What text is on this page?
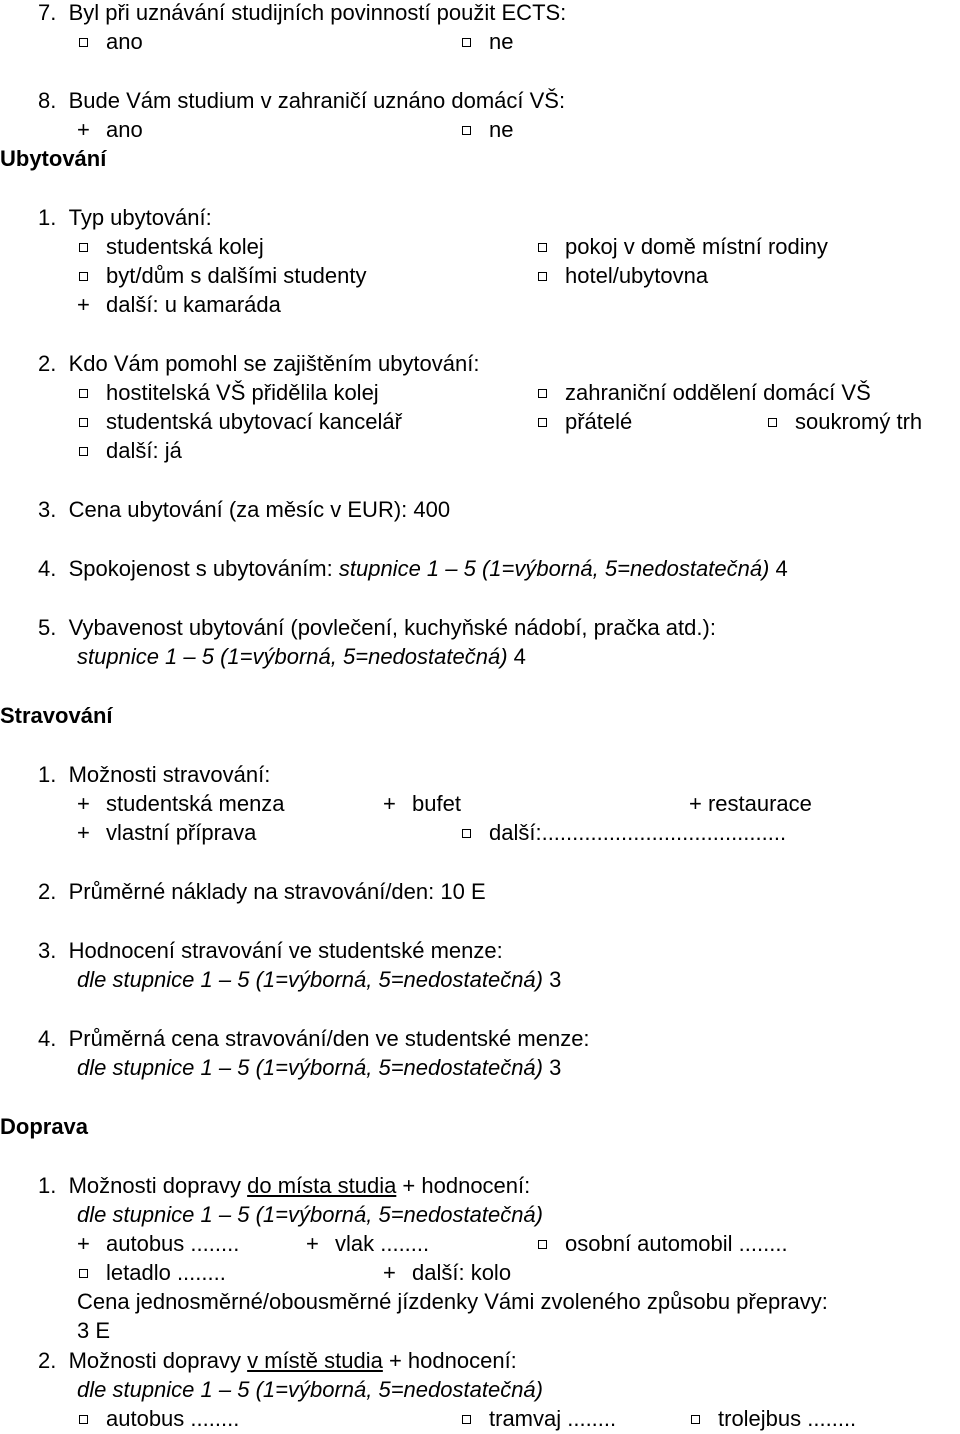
7. Byl při uznávání studijních povinností použit ECTS:
ano	ne
8. Bude Vám studium v zahraničí uznáno domácí VŠ:
+ ano	ne
Ubytování
1. Typ ubytování:
studentská kolej	pokoj v domě místní rodiny
byt/dům s dalšími studenty	hotel/ubytovna
+ další: u kamaráda
2. Kdo Vám pomohl se zajištěním ubytování:
hostitelská VŠ přidělila kolej	zahraniční oddělení domácí VŠ
studentská ubytovací kancelář	přátelé	soukromý trh
další: já
3. Cena ubytování (za měsíc v EUR): 400
4. Spokojenost s ubytováním: stupnice 1 – 5 (1=výborná, 5=nedostatečná) 4
5. Vybavenost ubytování (povlečení, kuchyňské nádobí, pračka atd.):
stupnice 1 – 5 (1=výborná, 5=nedostatečná) 4
Stravování
1. Možnosti stravování:
+ studentská menza	+ bufet	+ restaurace
+ vlastní příprava	další:........................................
2. Průměrné náklady na stravování/den: 10 E
3. Hodnocení stravování ve studentské menze:
dle stupnice 1 – 5 (1=výborná, 5=nedostatečná) 3
4. Průměrná cena stravování/den ve studentské menze:
dle stupnice 1 – 5 (1=výborná, 5=nedostatečná) 3
Doprava
1. Možnosti dopravy do místa studia + hodnocení:
dle stupnice 1 – 5 (1=výborná, 5=nedostatečná)
+ autobus ........	+ vlak ........	osobní automobil ........
letadlo ........	+ další: kolo
Cena jednosměrné/obousměrné jízdenky Vámi zvoleného způsobu přepravy:
3 E
2. Možnosti dopravy v místě studia + hodnocení:
dle stupnice 1 – 5 (1=výborná, 5=nedostatečná)
autobus ........	tramvaj ........	trolejbus ........
